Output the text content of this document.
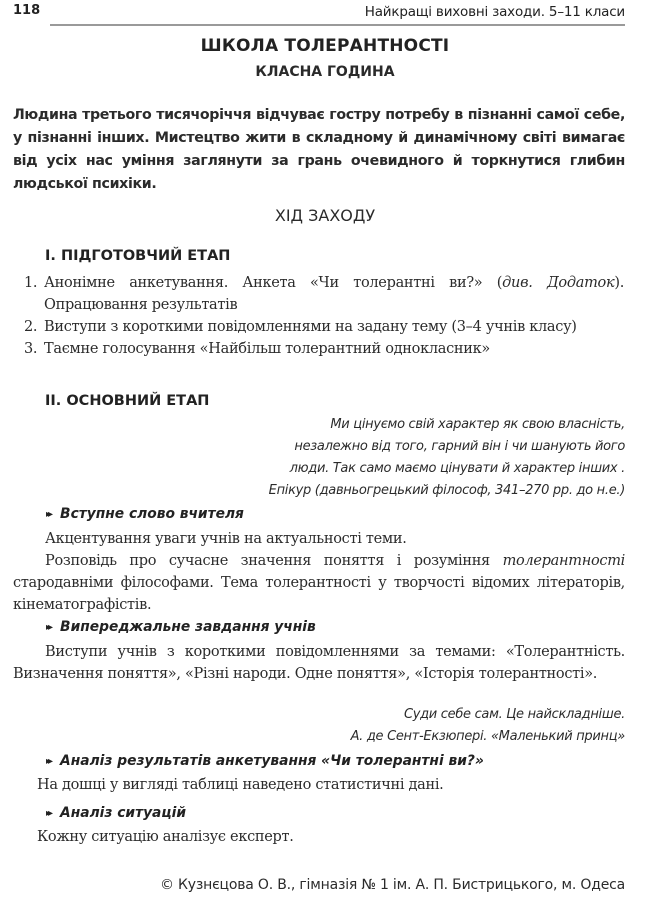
118	Найкращі виховні заходи. 5–11 класи
ШКОЛА ТОЛЕРАНТНОСТІ
КЛАСНА ГОДИНА
Людина третього тисячоріччя відчуває гостру потребу в пізнанні самої себе, у пізнанні інших. Мистецтво жити в складному й динамічному світі вимагає від усіх нас уміння заглянути за грань очевидного й торкнутися глибин людської психіки.
ХІД ЗАХОДУ
І. ПІДГОТОВЧИЙ ЕТАП
1. Анонімне анкетування. Анкета «Чи толерантні ви?» (див. Додаток). Опрацювання результатів
2. Виступи з короткими повідомленнями на задану тему (3–4 учнів класу)
3. Таємне голосування «Найбільш толерантний однокласник»
ІІ. ОСНОВНИЙ ЕТАП
Ми цінуємо свій характер як свою власність,
незалежно від того, гарний він і чи шанують його
люди. Так само маємо цінувати й характер інших .
Епікур (давньогрецький філософ, 341–270 рр. до н.е.)
▸▸ Вступне слово вчителя
Акцентування уваги учнів на актуальності теми.
Розповідь про сучасне значення поняття і розуміння толерантності стародавніми філософами. Тема толерантності у творчості відомих літераторів, кінематографістів.
▸▸ Випереджальне завдання учнів
Виступи учнів з короткими повідомленнями за темами: «Толерантність. Визначення поняття», «Різні народи. Одне поняття», «Історія толерантності».
Суди себе сам. Це найскладніше.
А. де Сент-Екзюпері. «Маленький принц»
▸▸ Аналіз результатів анкетування «Чи толерантні ви?»
На дошці у вигляді таблиці наведено статистичні дані.
▸▸ Аналіз ситуацій
Кожну ситуацію аналізує експерт.
© Кузнєцова О. В., гімназія № 1 ім. А. П. Бистрицького, м. Одеса
